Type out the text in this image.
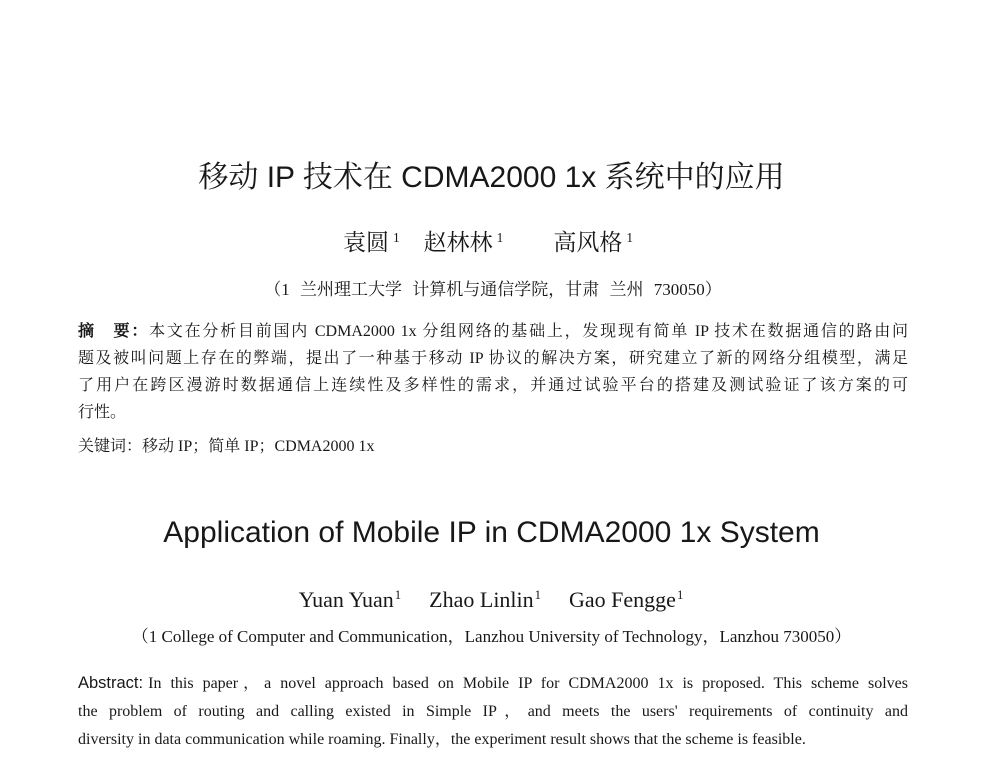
移动 IP 技术在 CDMA2000 1x 系统中的应用
袁圆 $^1$ 赵林林 $^1$ 高风格 $^1$
（1 兰州理工大学 计算机与通信学院，甘肃 兰州 730050）
摘　要：本文在分析目前国内 CDMA2000 1x 分组网络的基础上，发现现有简单 IP 技术在数据通信的路由问
题及被叫问题上存在的弊端，提出了一种基于移动 IP 协议的解决方案，研究建立了新的网络分组模型，满足
了用户在跨区漫游时数据通信上连续性及多样性的需求，并通过试验平台的搭建及测试验证了该方案的可
行性。
关键词：移动 IP；简单 IP；CDMA2000 1x
Application of Mobile IP in CDMA2000 1x System
Yuan Yuan$^1$ Zhao Linlin$^1$ Gao Fengge$^1$
（1 College of Computer and Communication，Lanzhou University of Technology，Lanzhou 730050）
Abstract: In this paper，a novel approach based on Mobile IP for CDMA2000 1x is proposed. This scheme solves
the problem of routing and calling existed in Simple IP，and meets the users' requirements of continuity and
diversity in data communication while roaming. Finally，the experiment result shows that the scheme is feasible.
